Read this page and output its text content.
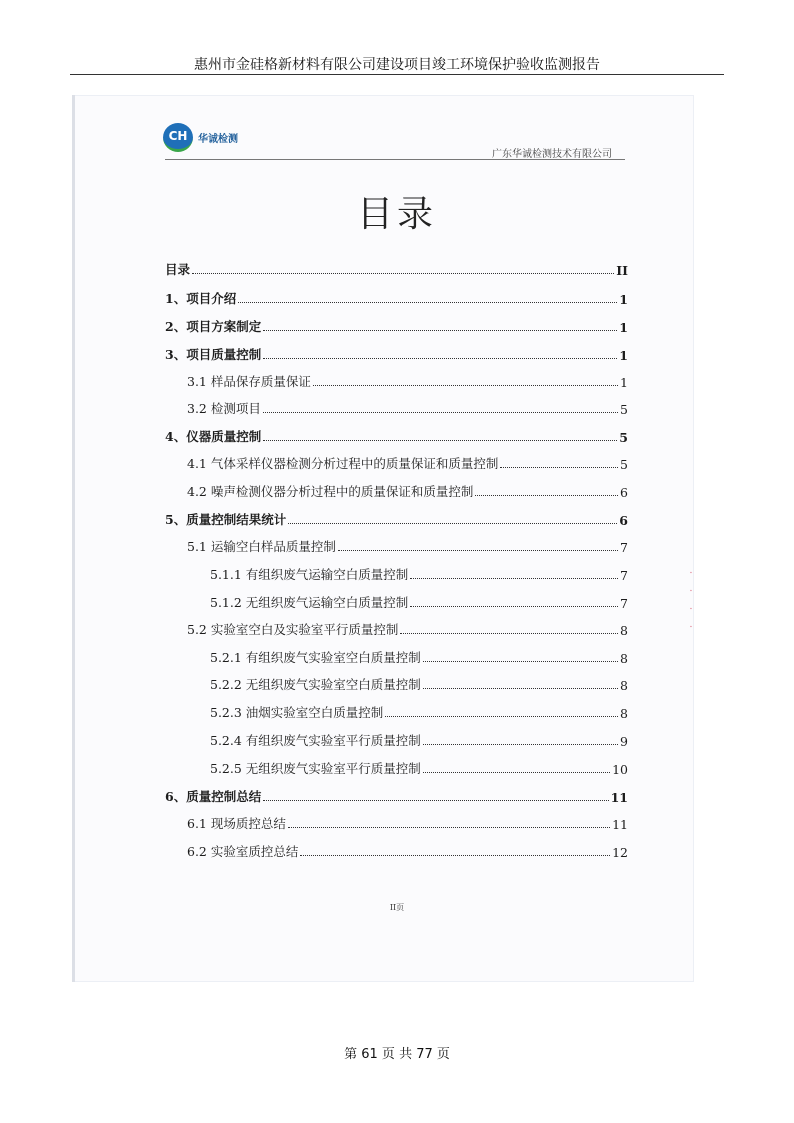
惠州市金硅格新材料有限公司建设项目竣工环境保护验收监测报告
CH	华诚检测
广东华诚检测技术有限公司
目录
目录	II
1、项目介绍	1
2、项目方案制定	1
3、项目质量控制	1
3.1 样品保存质量保证	1
3.2 检测项目	5
4、仪器质量控制	5
4.1 气体采样仪器检测分析过程中的质量保证和质量控制	5
4.2 噪声检测仪器分析过程中的质量保证和质量控制	6
5、质量控制结果统计	6
5.1 运输空白样品质量控制	7
5.1.1 有组织废气运输空白质量控制	7
5.1.2 无组织废气运输空白质量控制	7
5.2 实验室空白及实验室平行质量控制	8
5.2.1 有组织废气实验室空白质量控制	8
5.2.2 无组织废气实验室空白质量控制	8
5.2.3 油烟实验室空白质量控制	8
5.2.4 有组织废气实验室平行质量控制	9
5.2.5 无组织废气实验室平行质量控制	10
6、质量控制总结	11
6.1 现场质控总结	11
6.2 实验室质控总结	12
⸱
⸱
⸱
⸱
II页
第 61 页 共 77 页
